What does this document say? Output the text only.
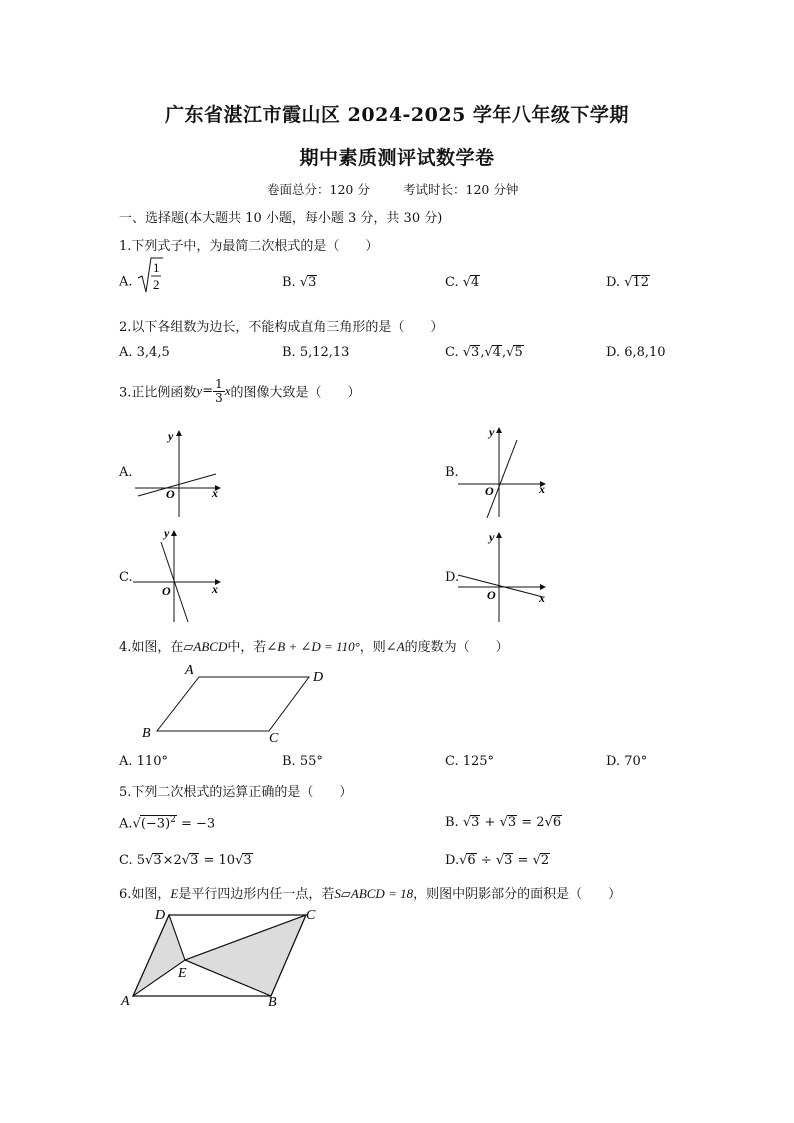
广东省湛江市霞山区 2024-2025 学年八年级下学期
期中素质测评试数学卷
卷面总分：120 分	考试时长：120 分钟
一、选择题(本大题共 10 小题，每小题 3 分，共 30 分)
1.下列式子中，为最简二次根式的是（　　）
A.
1
2	B. √3	C. √4	D. √12
2.以下各组数为边长，不能构成直角三角形的是（　　）
A. 3,4,5	B. 5,12,13	C. √3,√4,√5	D. 6,8,10
3.正比例函数$y= \frac{1}{3}$ x的图像大致是（　　）
A.
y
x
O
B.
y
x
O
C.
y
x
O
D.
y
x
O
4.如图，在▱ABCD中，若∠B + ∠D = 110°，则∠A的度数为（　　）
A	D
B	C
A. 110°	B. 55°	C. 125°	D. 70°
5.下列二次根式的运算正确的是（　　）
$A.√(-3)^2 = -3$	B. √3 + √3 = 2√6
C. 5√3×2√3 = 10√3	D.√6 ÷ √3 = √2
6.如图，E是平行四边形内任一点，若S▱ABCD = 18，则图中阴影部分的面积是（　　）
D	C
E
A	B
